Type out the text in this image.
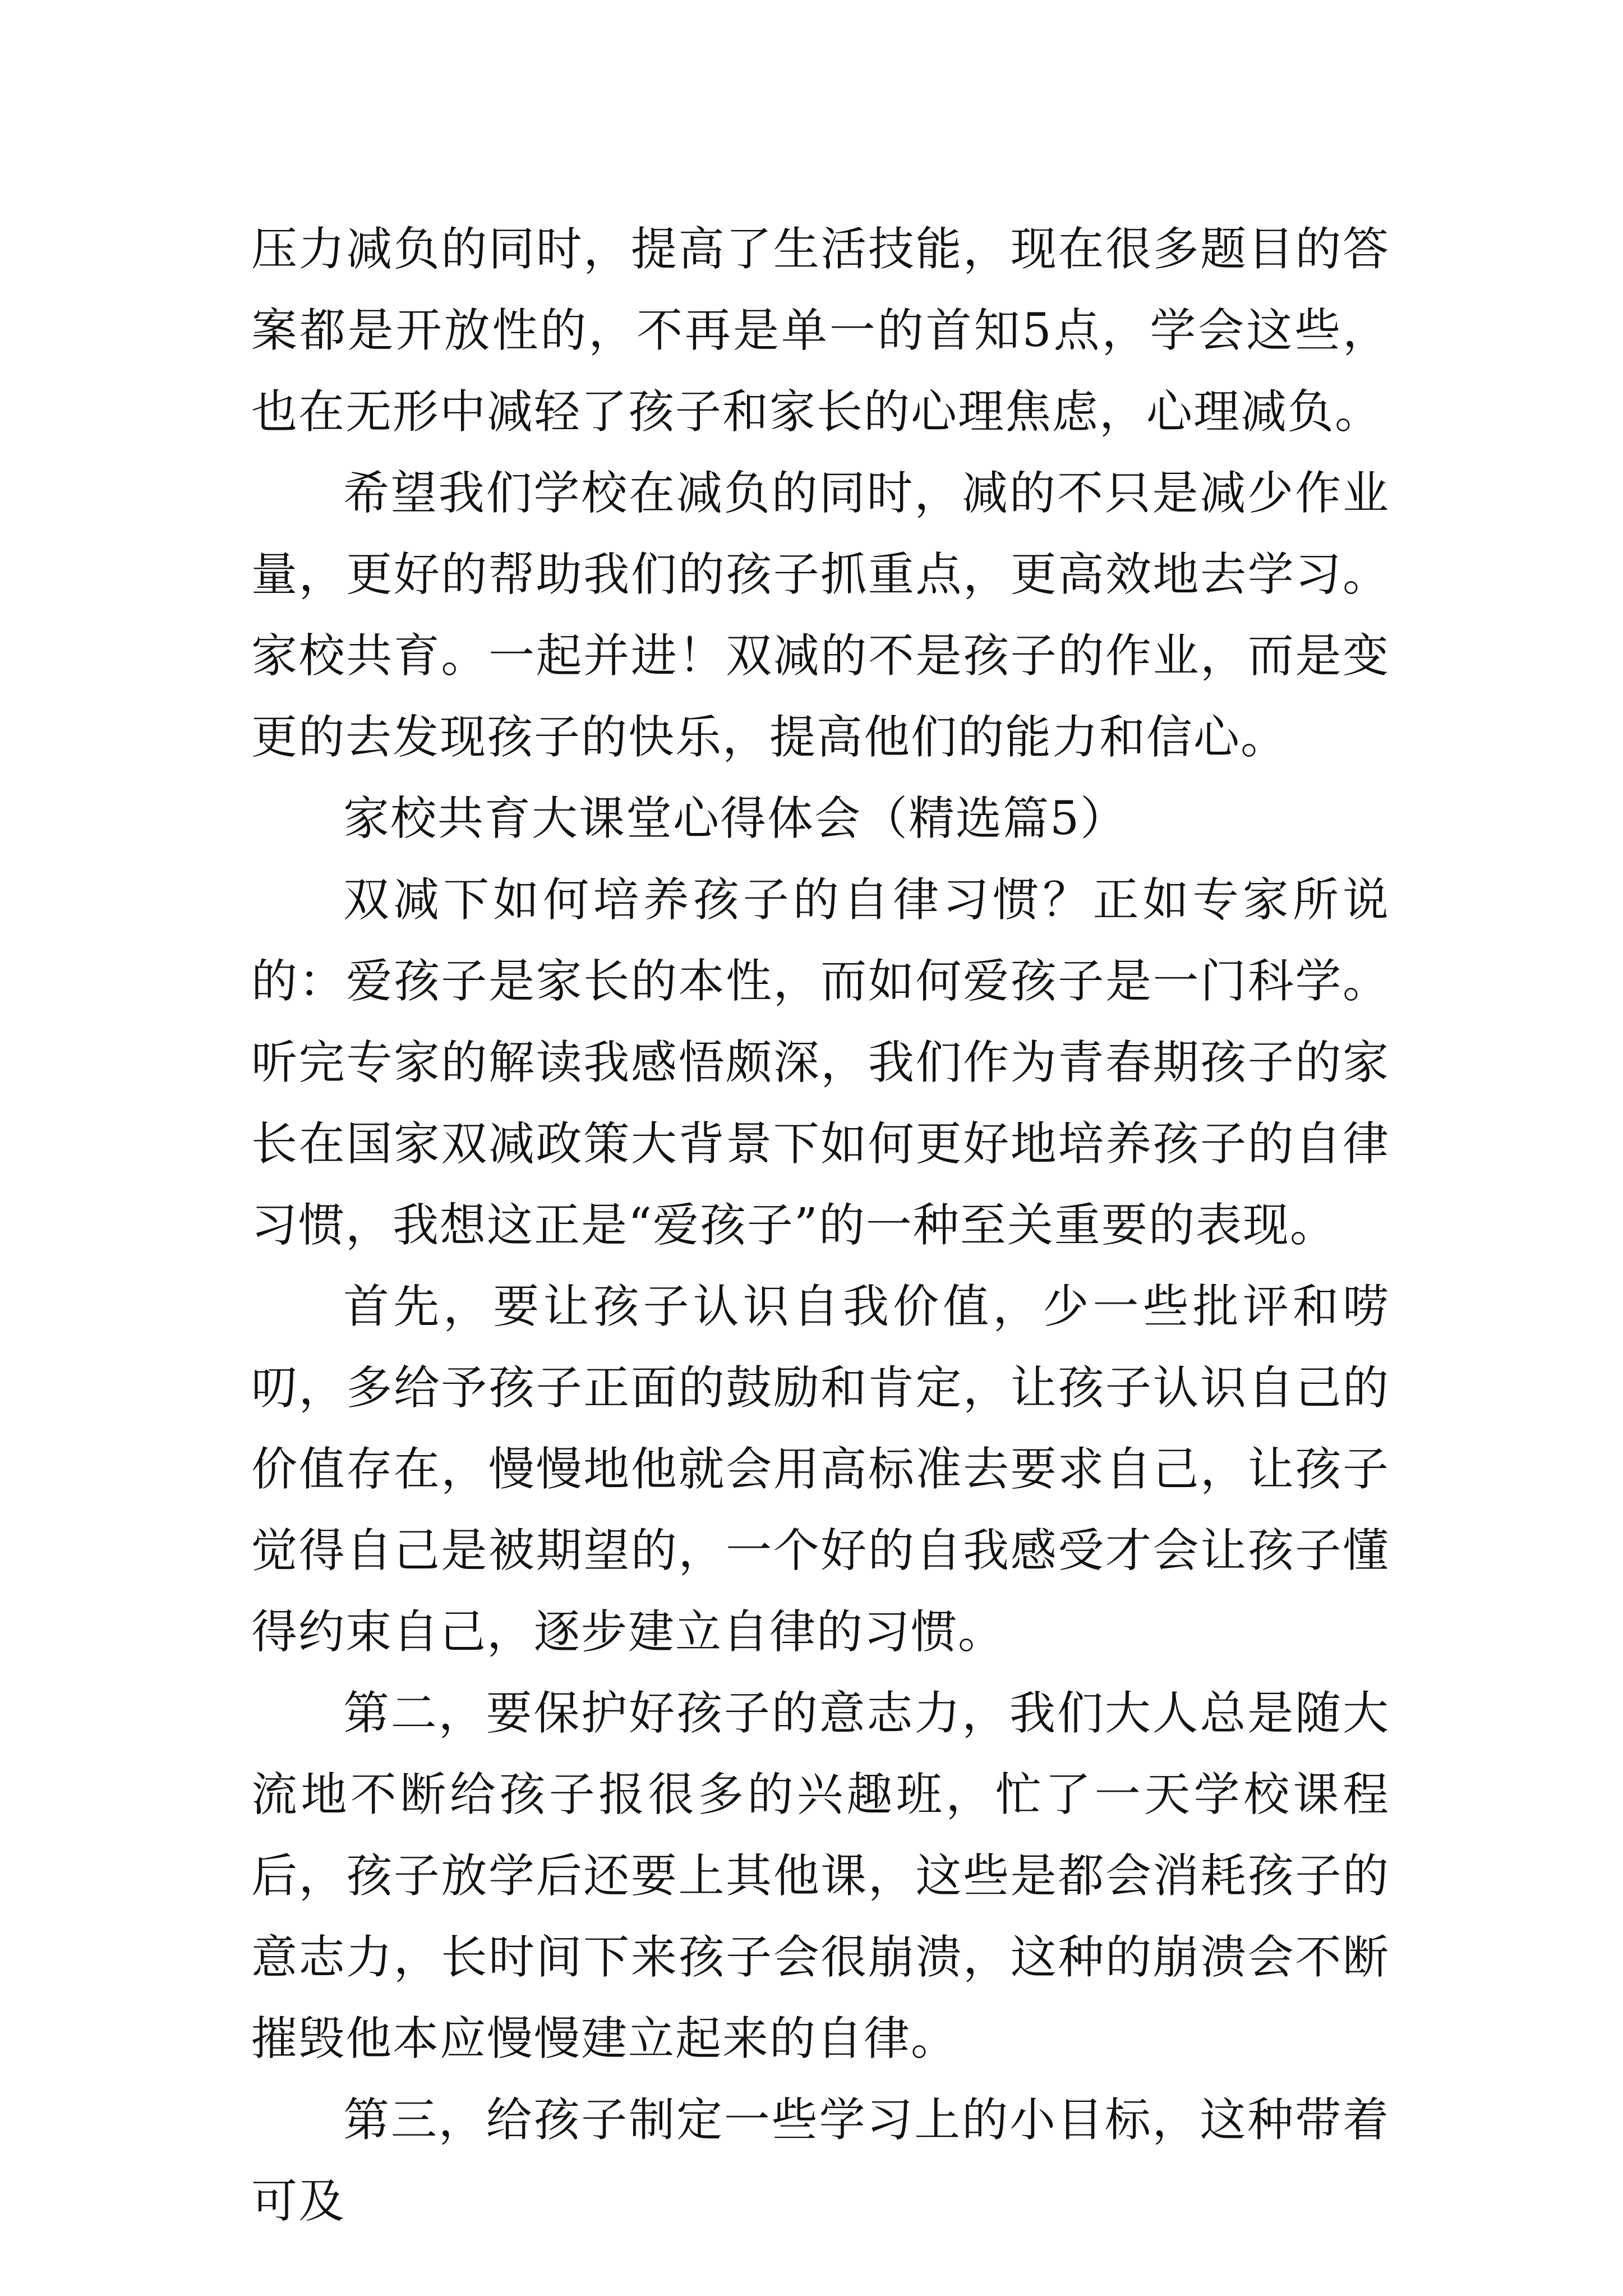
压力减负的同时，提高了生活技能，现在很多题目的答案都是开放性的，不再是单一的首知5点，学会这些，也在无形中减轻了孩子和家长的心理焦虑，心理减负。

希望我们学校在减负的同时，减的不只是减少作业量，更好的帮助我们的孩子抓重点，更高效地去学习。家校共育。一起并进！双减的不是孩子的作业，而是变更的去发现孩子的快乐，提高他们的能力和信心。

家校共育大课堂心得体会（精选篇5）

双减下如何培养孩子的自律习惯？正如专家所说的：爱孩子是家长的本性，而如何爱孩子是一门科学。听完专家的解读我感悟颇深，我们作为青春期孩子的家长在国家双减政策大背景下如何更好地培养孩子的自律习惯，我想这正是“爱孩子”的一种至关重要的表现。

首先，要让孩子认识自我价值，少一些批评和唠叨，多给予孩子正面的鼓励和肯定，让孩子认识自己的价值存在，慢慢地他就会用高标准去要求自己，让孩子觉得自己是被期望的，一个好的自我感受才会让孩子懂得约束自己，逐步建立自律的习惯。

第二，要保护好孩子的意志力，我们大人总是随大流地不断给孩子报很多的兴趣班，忙了一天学校课程后，孩子放学后还要上其他课，这些是都会消耗孩子的意志力，长时间下来孩子会很崩溃，这种的崩溃会不断摧毁他本应慢慢建立起来的自律。

第三，给孩子制定一些学习上的小目标，这种带着可及
